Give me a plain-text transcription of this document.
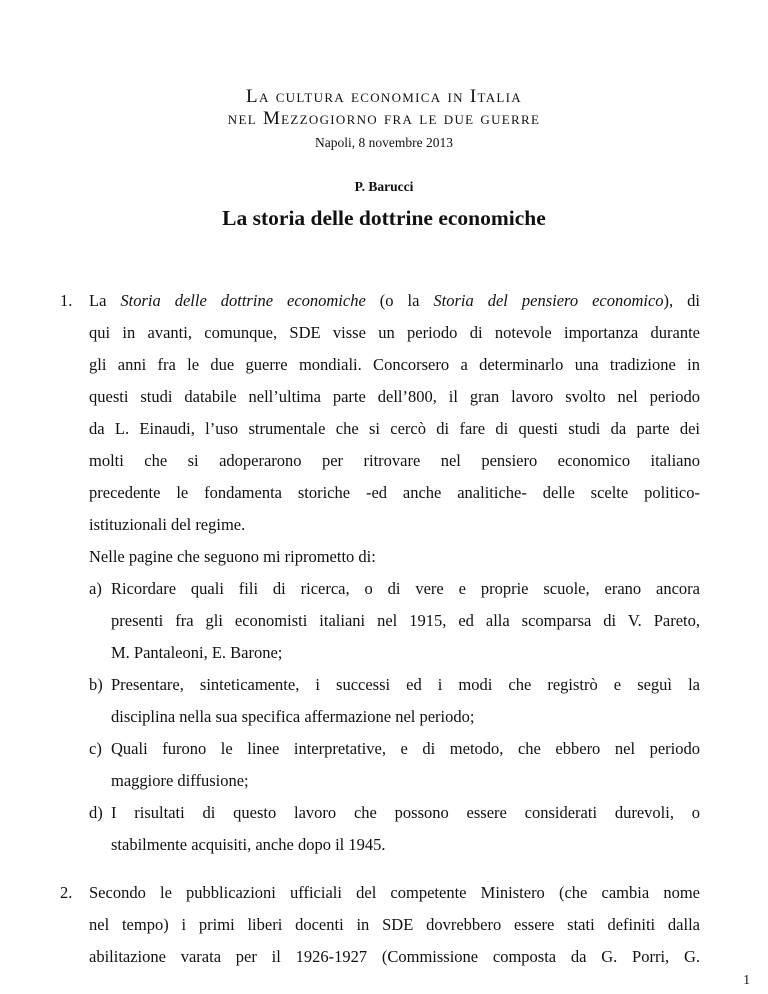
La cultura economica in Italia
nel Mezzogiorno fra le due guerre
Napoli, 8 novembre 2013
P. Barucci
La storia delle dottrine economiche
1. La Storia delle dottrine economiche (o la Storia del pensiero economico), di
qui in avanti, comunque, SDE visse un periodo di notevole importanza durante
gli anni fra le due guerre mondiali. Concorsero a determinarlo una tradizione in
questi studi databile nell’ultima parte dell’800, il gran lavoro svolto nel periodo
da L. Einaudi, l’uso strumentale che si cercò di fare di questi studi da parte dei
molti che si adoperarono per ritrovare nel pensiero economico italiano
precedente le fondamenta storiche -ed anche analitiche- delle scelte politico-
istituzionali del regime.
Nelle pagine che seguono mi riprometto di:
a) Ricordare quali fili di ricerca, o di vere e proprie scuole, erano ancora
presenti fra gli economisti italiani nel 1915, ed alla scomparsa di V. Pareto,
M. Pantaleoni, E. Barone;
b) Presentare, sinteticamente, i successi ed i modi che registrò e seguì la
disciplina nella sua specifica affermazione nel periodo;
c) Quali furono le linee interpretative, e di metodo, che ebbero nel periodo
maggiore diffusione;
d) I risultati di questo lavoro che possono essere considerati durevoli, o
stabilmente acquisiti, anche dopo il 1945.
2. Secondo le pubblicazioni ufficiali del competente Ministero (che cambia nome
nel tempo) i primi liberi docenti in SDE dovrebbero essere stati definiti dalla
abilitazione varata per il 1926-1927 (Commissione composta da G. Porri, G.
1
